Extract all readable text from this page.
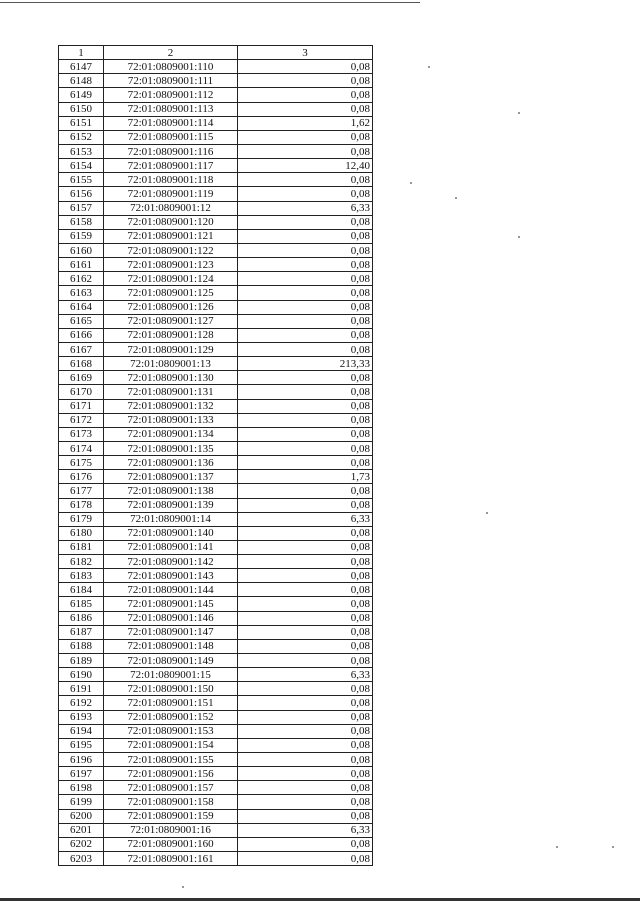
1	2	3
6147	72:01:0809001:110	0,08
6148	72:01:0809001:111	0,08
6149	72:01:0809001:112	0,08
6150	72:01:0809001:113	0,08
6151	72:01:0809001:114	1,62
6152	72:01:0809001:115	0,08
6153	72:01:0809001:116	0,08
6154	72:01:0809001:117	12,40
6155	72:01:0809001:118	0,08
6156	72:01:0809001:119	0,08
6157	72:01:0809001:12	6,33
6158	72:01:0809001:120	0,08
6159	72:01:0809001:121	0,08
6160	72:01:0809001:122	0,08
6161	72:01:0809001:123	0,08
6162	72:01:0809001:124	0,08
6163	72:01:0809001:125	0,08
6164	72:01:0809001:126	0,08
6165	72:01:0809001:127	0,08
6166	72:01:0809001:128	0,08
6167	72:01:0809001:129	0,08
6168	72:01:0809001:13	213,33
6169	72:01:0809001:130	0,08
6170	72:01:0809001:131	0,08
6171	72:01:0809001:132	0,08
6172	72:01:0809001:133	0,08
6173	72:01:0809001:134	0,08
6174	72:01:0809001:135	0,08
6175	72:01:0809001:136	0,08
6176	72:01:0809001:137	1,73
6177	72:01:0809001:138	0,08
6178	72:01:0809001:139	0,08
6179	72:01:0809001:14	6,33
6180	72:01:0809001:140	0,08
6181	72:01:0809001:141	0,08
6182	72:01:0809001:142	0,08
6183	72:01:0809001:143	0,08
6184	72:01:0809001:144	0,08
6185	72:01:0809001:145	0,08
6186	72:01:0809001:146	0,08
6187	72:01:0809001:147	0,08
6188	72:01:0809001:148	0,08
6189	72:01:0809001:149	0,08
6190	72:01:0809001:15	6,33
6191	72:01:0809001:150	0,08
6192	72:01:0809001:151	0,08
6193	72:01:0809001:152	0,08
6194	72:01:0809001:153	0,08
6195	72:01:0809001:154	0,08
6196	72:01:0809001:155	0,08
6197	72:01:0809001:156	0,08
6198	72:01:0809001:157	0,08
6199	72:01:0809001:158	0,08
6200	72:01:0809001:159	0,08
6201	72:01:0809001:16	6,33
6202	72:01:0809001:160	0,08
6203	72:01:0809001:161	0,08
